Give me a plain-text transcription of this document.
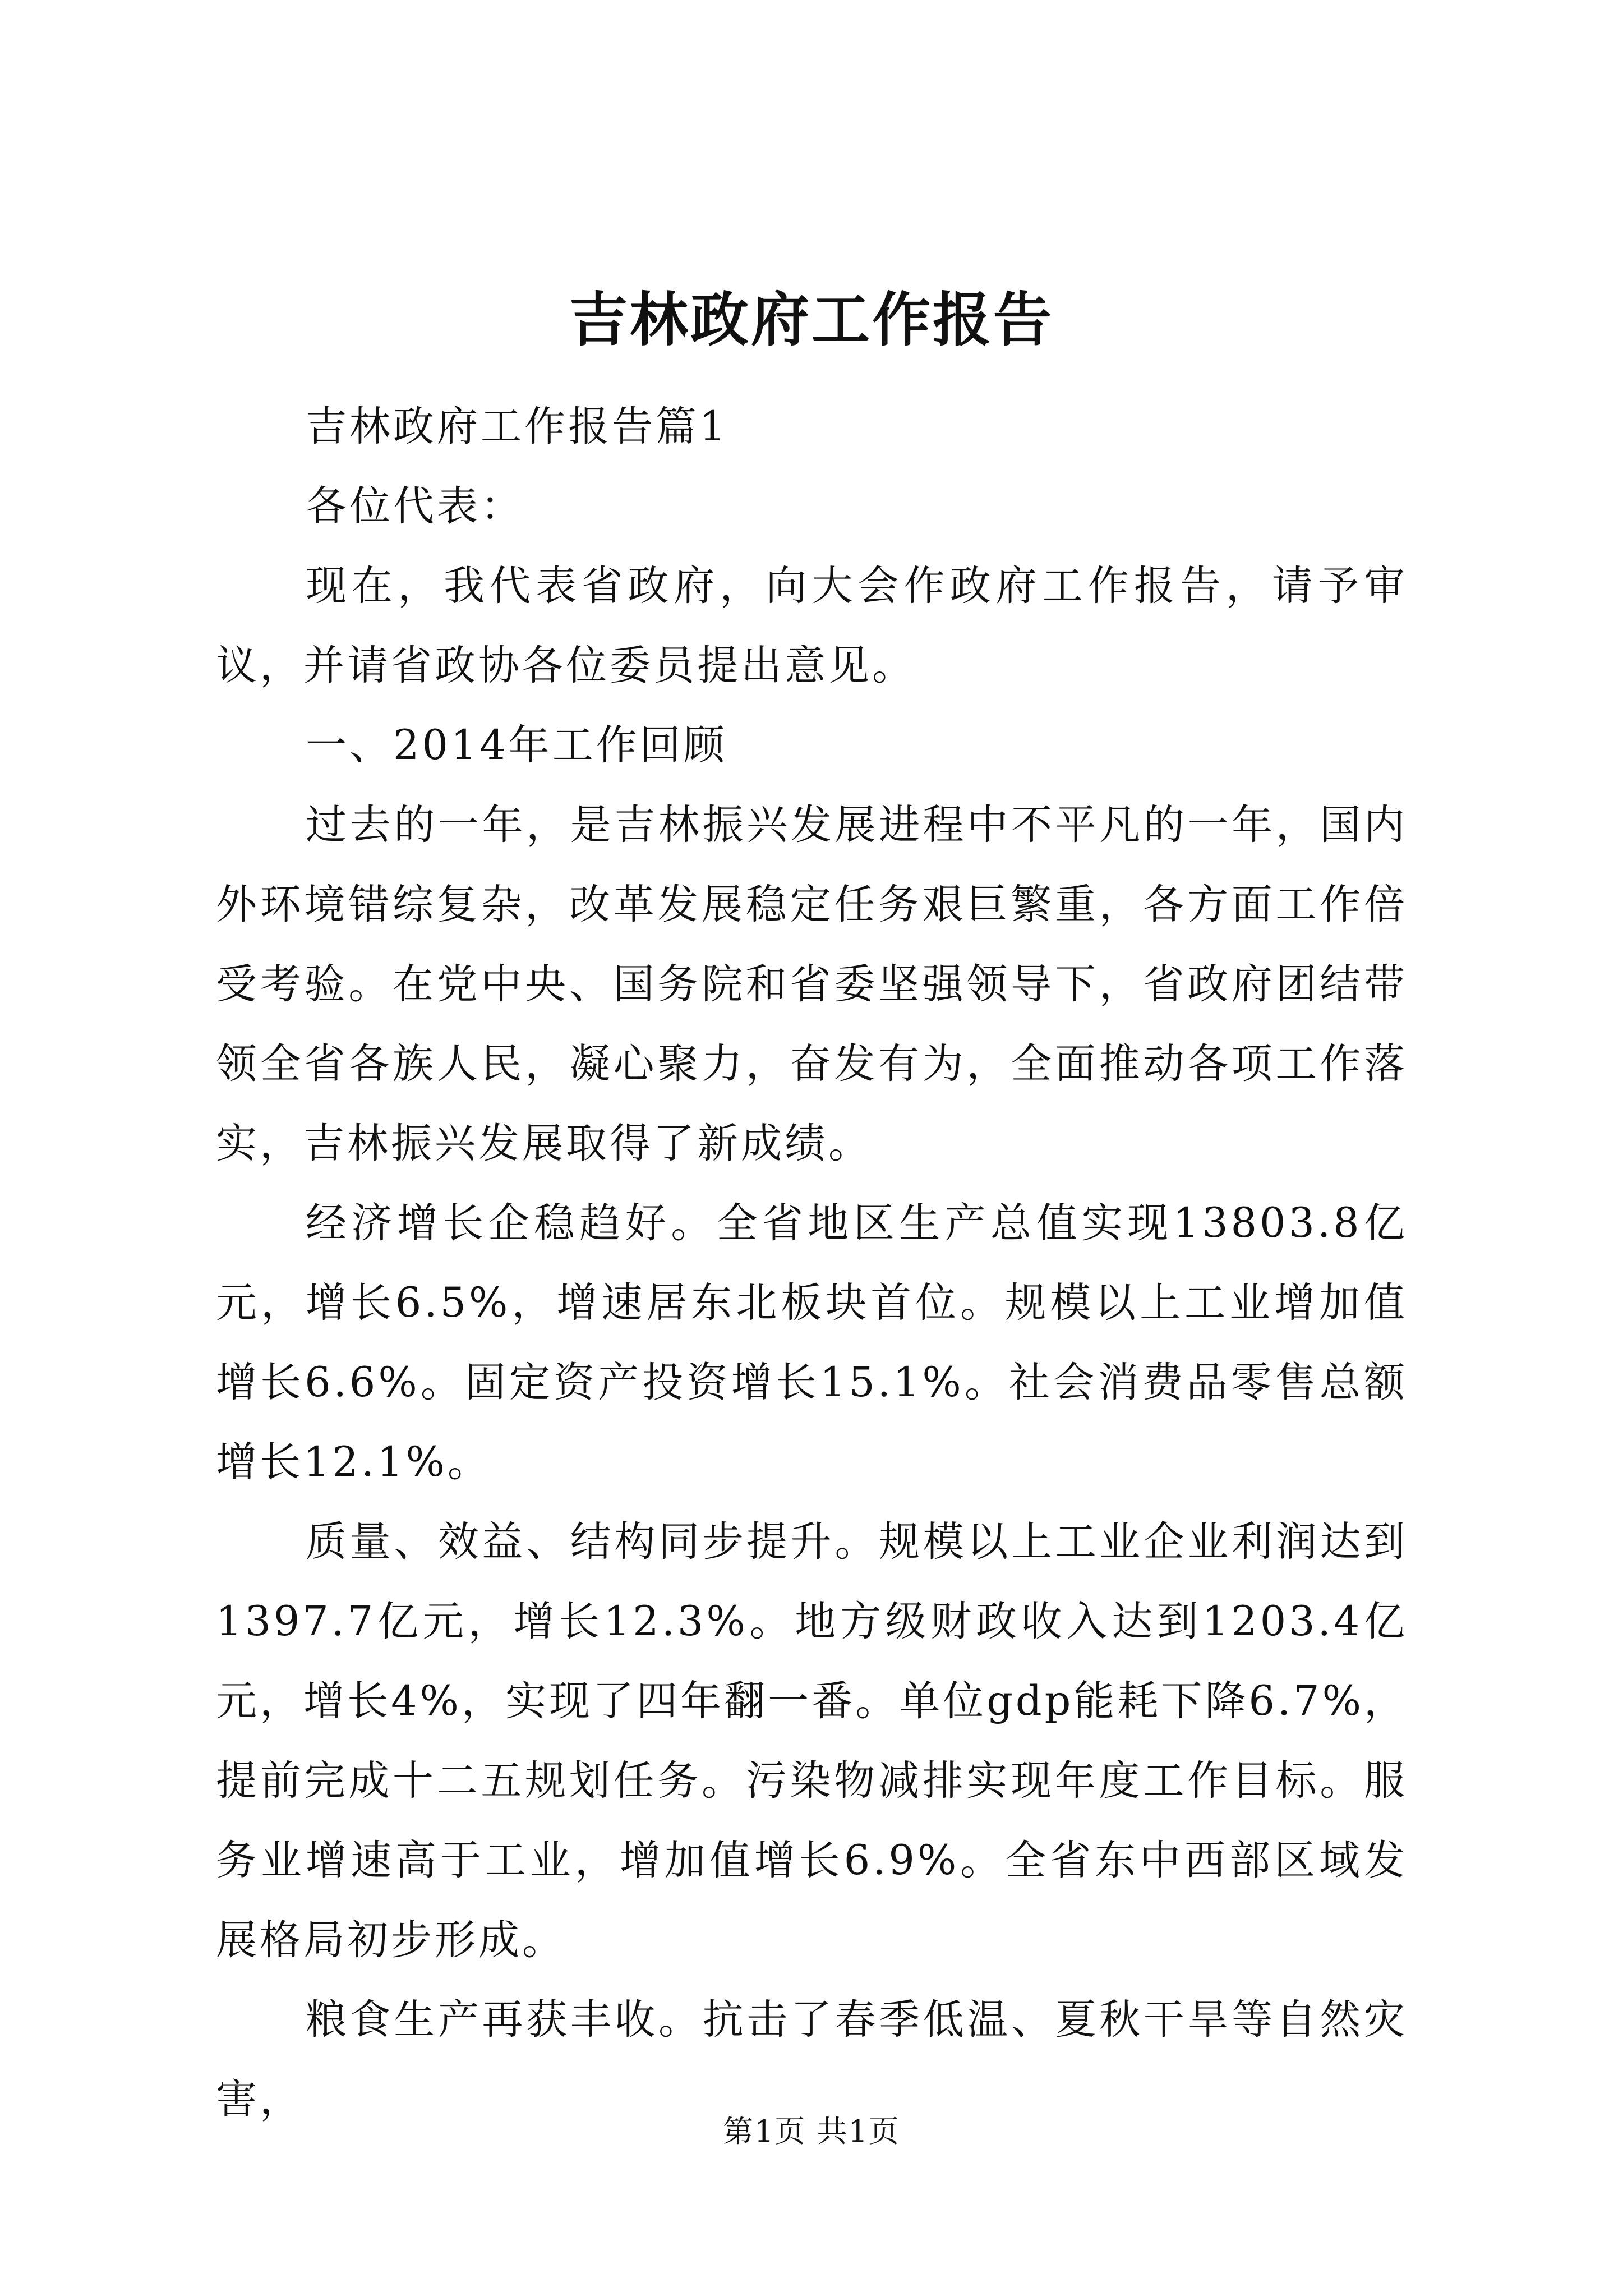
吉林政府工作报告

吉林政府工作报告篇1

各位代表：

现在，我代表省政府，向大会作政府工作报告，请予审议，并请省政协各位委员提出意见。

一、2014年工作回顾

过去的一年，是吉林振兴发展进程中不平凡的一年，国内外环境错综复杂，改革发展稳定任务艰巨繁重，各方面工作倍受考验。在党中央、国务院和省委坚强领导下，省政府团结带领全省各族人民，凝心聚力，奋发有为，全面推动各项工作落实，吉林振兴发展取得了新成绩。

经济增长企稳趋好。全省地区生产总值实现13803.8亿元，增长6.5%，增速居东北板块首位。规模以上工业增加值增长6.6%。固定资产投资增长15.1%。社会消费品零售总额增长12.1%。

质量、效益、结构同步提升。规模以上工业企业利润达到1397.7亿元，增长12.3%。地方级财政收入达到1203.4亿元，增长4%，实现了四年翻一番。单位gdp能耗下降6.7%，提前完成十二五规划任务。污染物减排实现年度工作目标。服务业增速高于工业，增加值增长6.9%。全省东中西部区域发展格局初步形成。

粮食生产再获丰收。抗击了春季低温、夏秋干旱等自然灾害，

第1页 共1页
